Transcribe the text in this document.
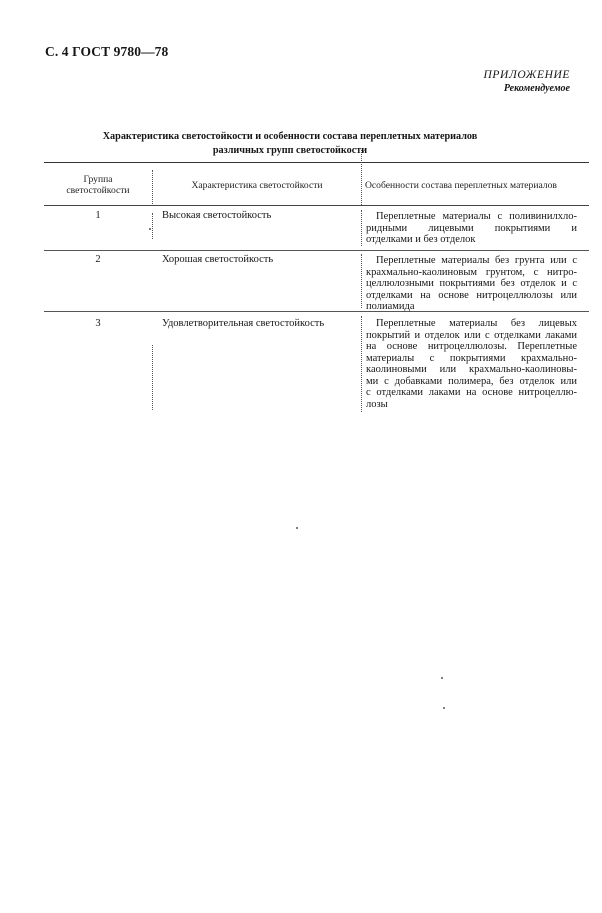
С. 4 ГОСТ 9780—78
ПРИЛОЖЕНИЕ
Рекомендуемое
Характеристика светостойкости и особенности состава переплетных материалов
различных групп светостойкости
Группа
светостойкости	Характеристика светостойкости	Особенности состава переплетных материалов
1	Высокая светостойкость	Переплетные материалы с поливинилхло-
ридными лицевыми покрытиями и
отделками и без отделок
2	Хорошая светостойкость	Переплетные материалы без грунта или с
крахмально-каолиновым грунтом, с нитро-
целлюлозными покрытиями без отделок и с
отделками на основе нитроцеллюлозы или
полиамида
3	Удовлетворительная светостойкость	Переплетные материалы без лицевых
покрытий и отделок или с отделками лаками
на основе нитроцеллюлозы. Переплетные
материалы с покрытиями крахмально-
каолиновыми или крахмально-каолиновы-
ми с добавками полимера, без отделок или
с отделками лаками на основе нитроцеллю-
лозы
